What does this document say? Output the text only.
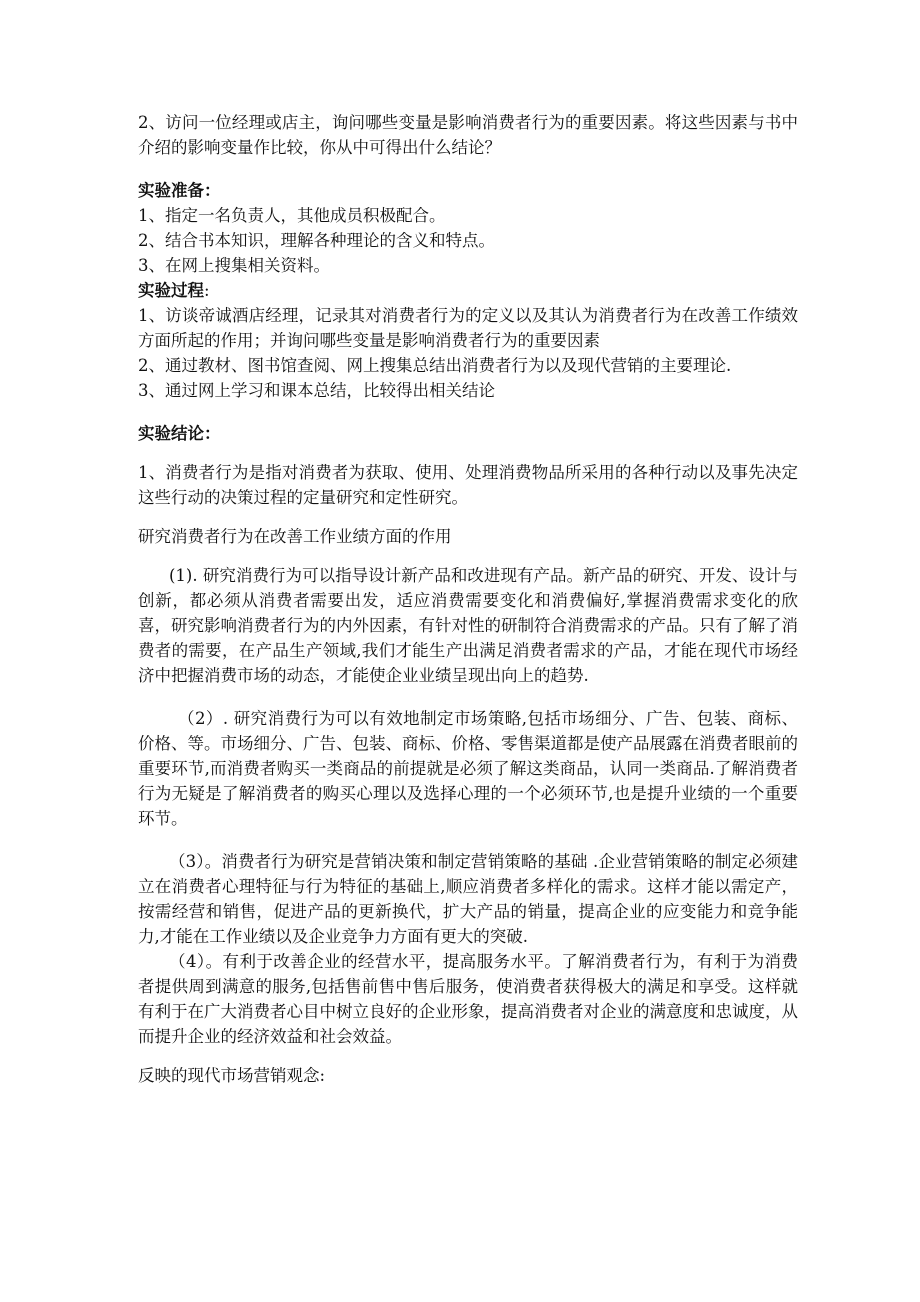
2、访问一位经理或店主，询问哪些变量是影响消费者行为的重要因素。将这些因素与书中介绍的影响变量作比较，你从中可得出什么结论？

实验准备：

1、指定一名负责人，其他成员积极配合。

2、结合书本知识，理解各种理论的含义和特点。

3、在网上搜集相关资料。

实验过程:

1、访谈帝诚酒店经理，记录其对消费者行为的定义以及其认为消费者行为在改善工作绩效方面所起的作用；并询问哪些变量是影响消费者行为的重要因素

2、通过教材、图书馆查阅、网上搜集总结出消费者行为以及现代营销的主要理论.

3、通过网上学习和课本总结，比较得出相关结论

实验结论：

1、消费者行为是指对消费者为获取、使用、处理消费物品所采用的各种行动以及事先决定这些行动的决策过程的定量研究和定性研究。

研究消费者行为在改善工作业绩方面的作用

(1). 研究消费行为可以指导设计新产品和改进现有产品。新产品的研究、开发、设计与创新，都必须从消费者需要出发，适应消费需要变化和消费偏好,掌握消费需求变化的欣喜，研究影响消费者行为的内外因素，有针对性的研制符合消费需求的产品。只有了解了消费者的需要，在产品生产领域,我们才能生产出满足消费者需求的产品，才能在现代市场经济中把握消费市场的动态，才能使企业业绩呈现出向上的趋势.

（2）. 研究消费行为可以有效地制定市场策略,包括市场细分、广告、包装、商标、价格、等。市场细分、广告、包装、商标、价格、零售渠道都是使产品展露在消费者眼前的重要环节,而消费者购买一类商品的前提就是必须了解这类商品，认同一类商品.了解消费者行为无疑是了解消费者的购买心理以及选择心理的一个必须环节,也是提升业绩的一个重要环节。

（3）。消费者行为研究是营销决策和制定营销策略的基础 .企业营销策略的制定必须建立在消费者心理特征与行为特征的基础上,顺应消费者多样化的需求。这样才能以需定产，按需经营和销售，促进产品的更新换代，扩大产品的销量，提高企业的应变能力和竞争能力,才能在工作业绩以及企业竞争力方面有更大的突破.

（4）。有利于改善企业的经营水平，提高服务水平。了解消费者行为，有利于为消费者提供周到满意的服务,包括售前售中售后服务，使消费者获得极大的满足和享受。这样就有利于在广大消费者心目中树立良好的企业形象，提高消费者对企业的满意度和忠诚度，从而提升企业的经济效益和社会效益。

反映的现代市场营销观念:
